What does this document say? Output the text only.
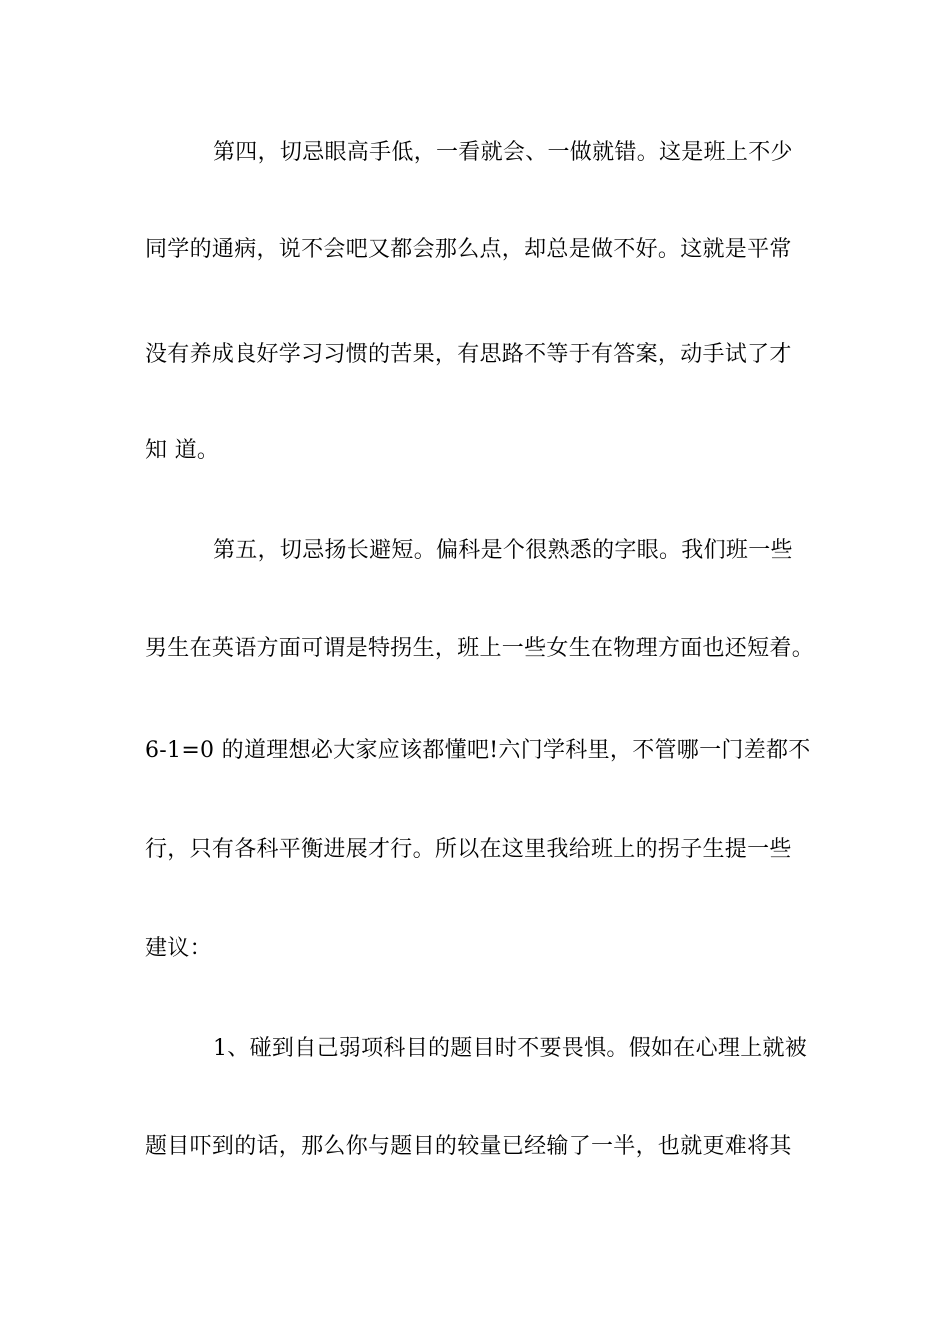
第四，切忌眼高手低，一看就会、一做就错。这是班上不少
同学的通病，说不会吧又都会那么点，却总是做不好。这就是平常
没有养成良好学习习惯的苦果，有思路不等于有答案，动手试了才
知 道。
第五，切忌扬长避短。偏科是个很熟悉的字眼。我们班一些
男生在英语方面可谓是特拐生，班上一些女生在物理方面也还短着。
6-1=0 的道理想必大家应该都懂吧!六门学科里，不管哪一门差都不
行，只有各科平衡进展才行。所以在这里我给班上的拐子生提一些
建议：
1、碰到自己弱项科目的题目时不要畏惧。假如在心理上就被
题目吓到的话，那么你与题目的较量已经输了一半，也就更难将其
